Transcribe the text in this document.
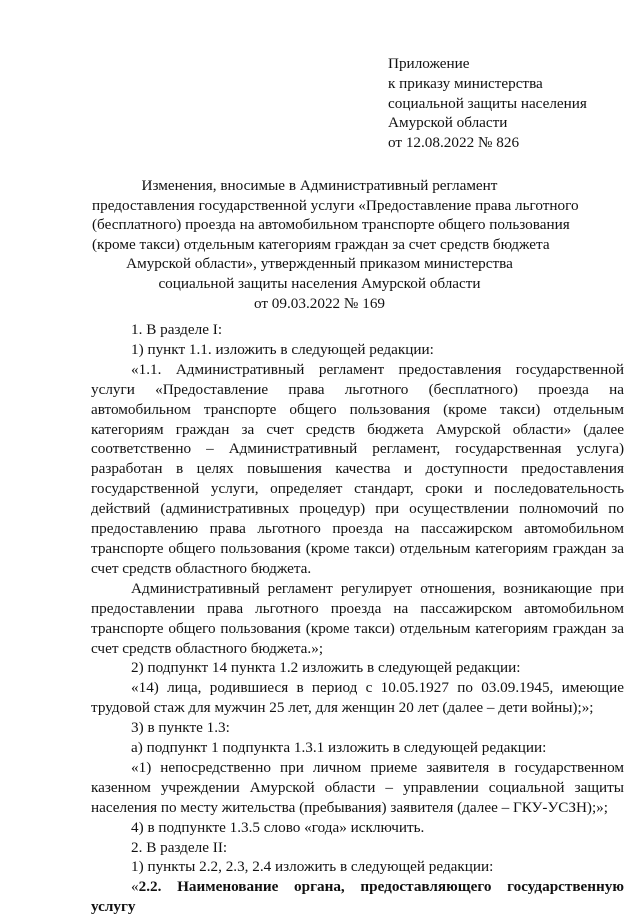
Приложение
к приказу министерства
социальной защиты населения
Амурской области
от 12.08.2022 № 826
Изменения, вносимые в Административный регламент
предоставления государственной услуги «Предоставление права льготного
(бесплатного) проезда на автомобильном транспорте общего пользования
(кроме такси) отдельным категориям граждан за счет средств бюджета
Амурской области», утвержденный приказом министерства
социальной защиты населения Амурской области
от 09.03.2022 № 169

1. В разделе I:

1) пункт 1.1. изложить в следующей редакции:

«1.1. Административный регламент предоставления государственной услуги «Предоставление права льготного (бесплатного) проезда на автомобильном транспорте общего пользования (кроме такси) отдельным категориям граждан за счет средств бюджета Амурской области» (далее соответственно – Административный регламент, государственная услуга) разработан в целях повышения качества и доступности предоставления государственной услуги, определяет стандарт, сроки и последовательность действий (административных процедур) при осуществлении полномочий по предоставлению права льготного проезда на пассажирском автомобильном транспорте общего пользования (кроме такси) отдельным категориям граждан за счет средств областного бюджета.

Административный регламент регулирует отношения, возникающие при предоставлении права льготного проезда на пассажирском автомобильном транспорте общего пользования (кроме такси) отдельным категориям граждан за счет средств областного бюджета.»;

2) подпункт 14 пункта 1.2 изложить в следующей редакции:

«14) лица, родившиеся в период с 10.05.1927 по 03.09.1945, имеющие трудовой стаж для мужчин 25 лет, для женщин 20 лет (далее – дети войны);»;

3) в пункте 1.3:

а) подпункт 1 подпункта 1.3.1 изложить в следующей редакции:

«1) непосредственно при личном приеме заявителя в государственном казенном учреждении Амурской области – управлении социальной защиты населения по месту жительства (пребывания) заявителя (далее – ГКУ-УСЗН);»;

4) в подпункте 1.3.5 слово «года» исключить.

2. В разделе II:

1) пункты 2.2, 2.3, 2.4 изложить в следующей редакции:

«2.2. Наименование органа, предоставляющего государственную услугу
